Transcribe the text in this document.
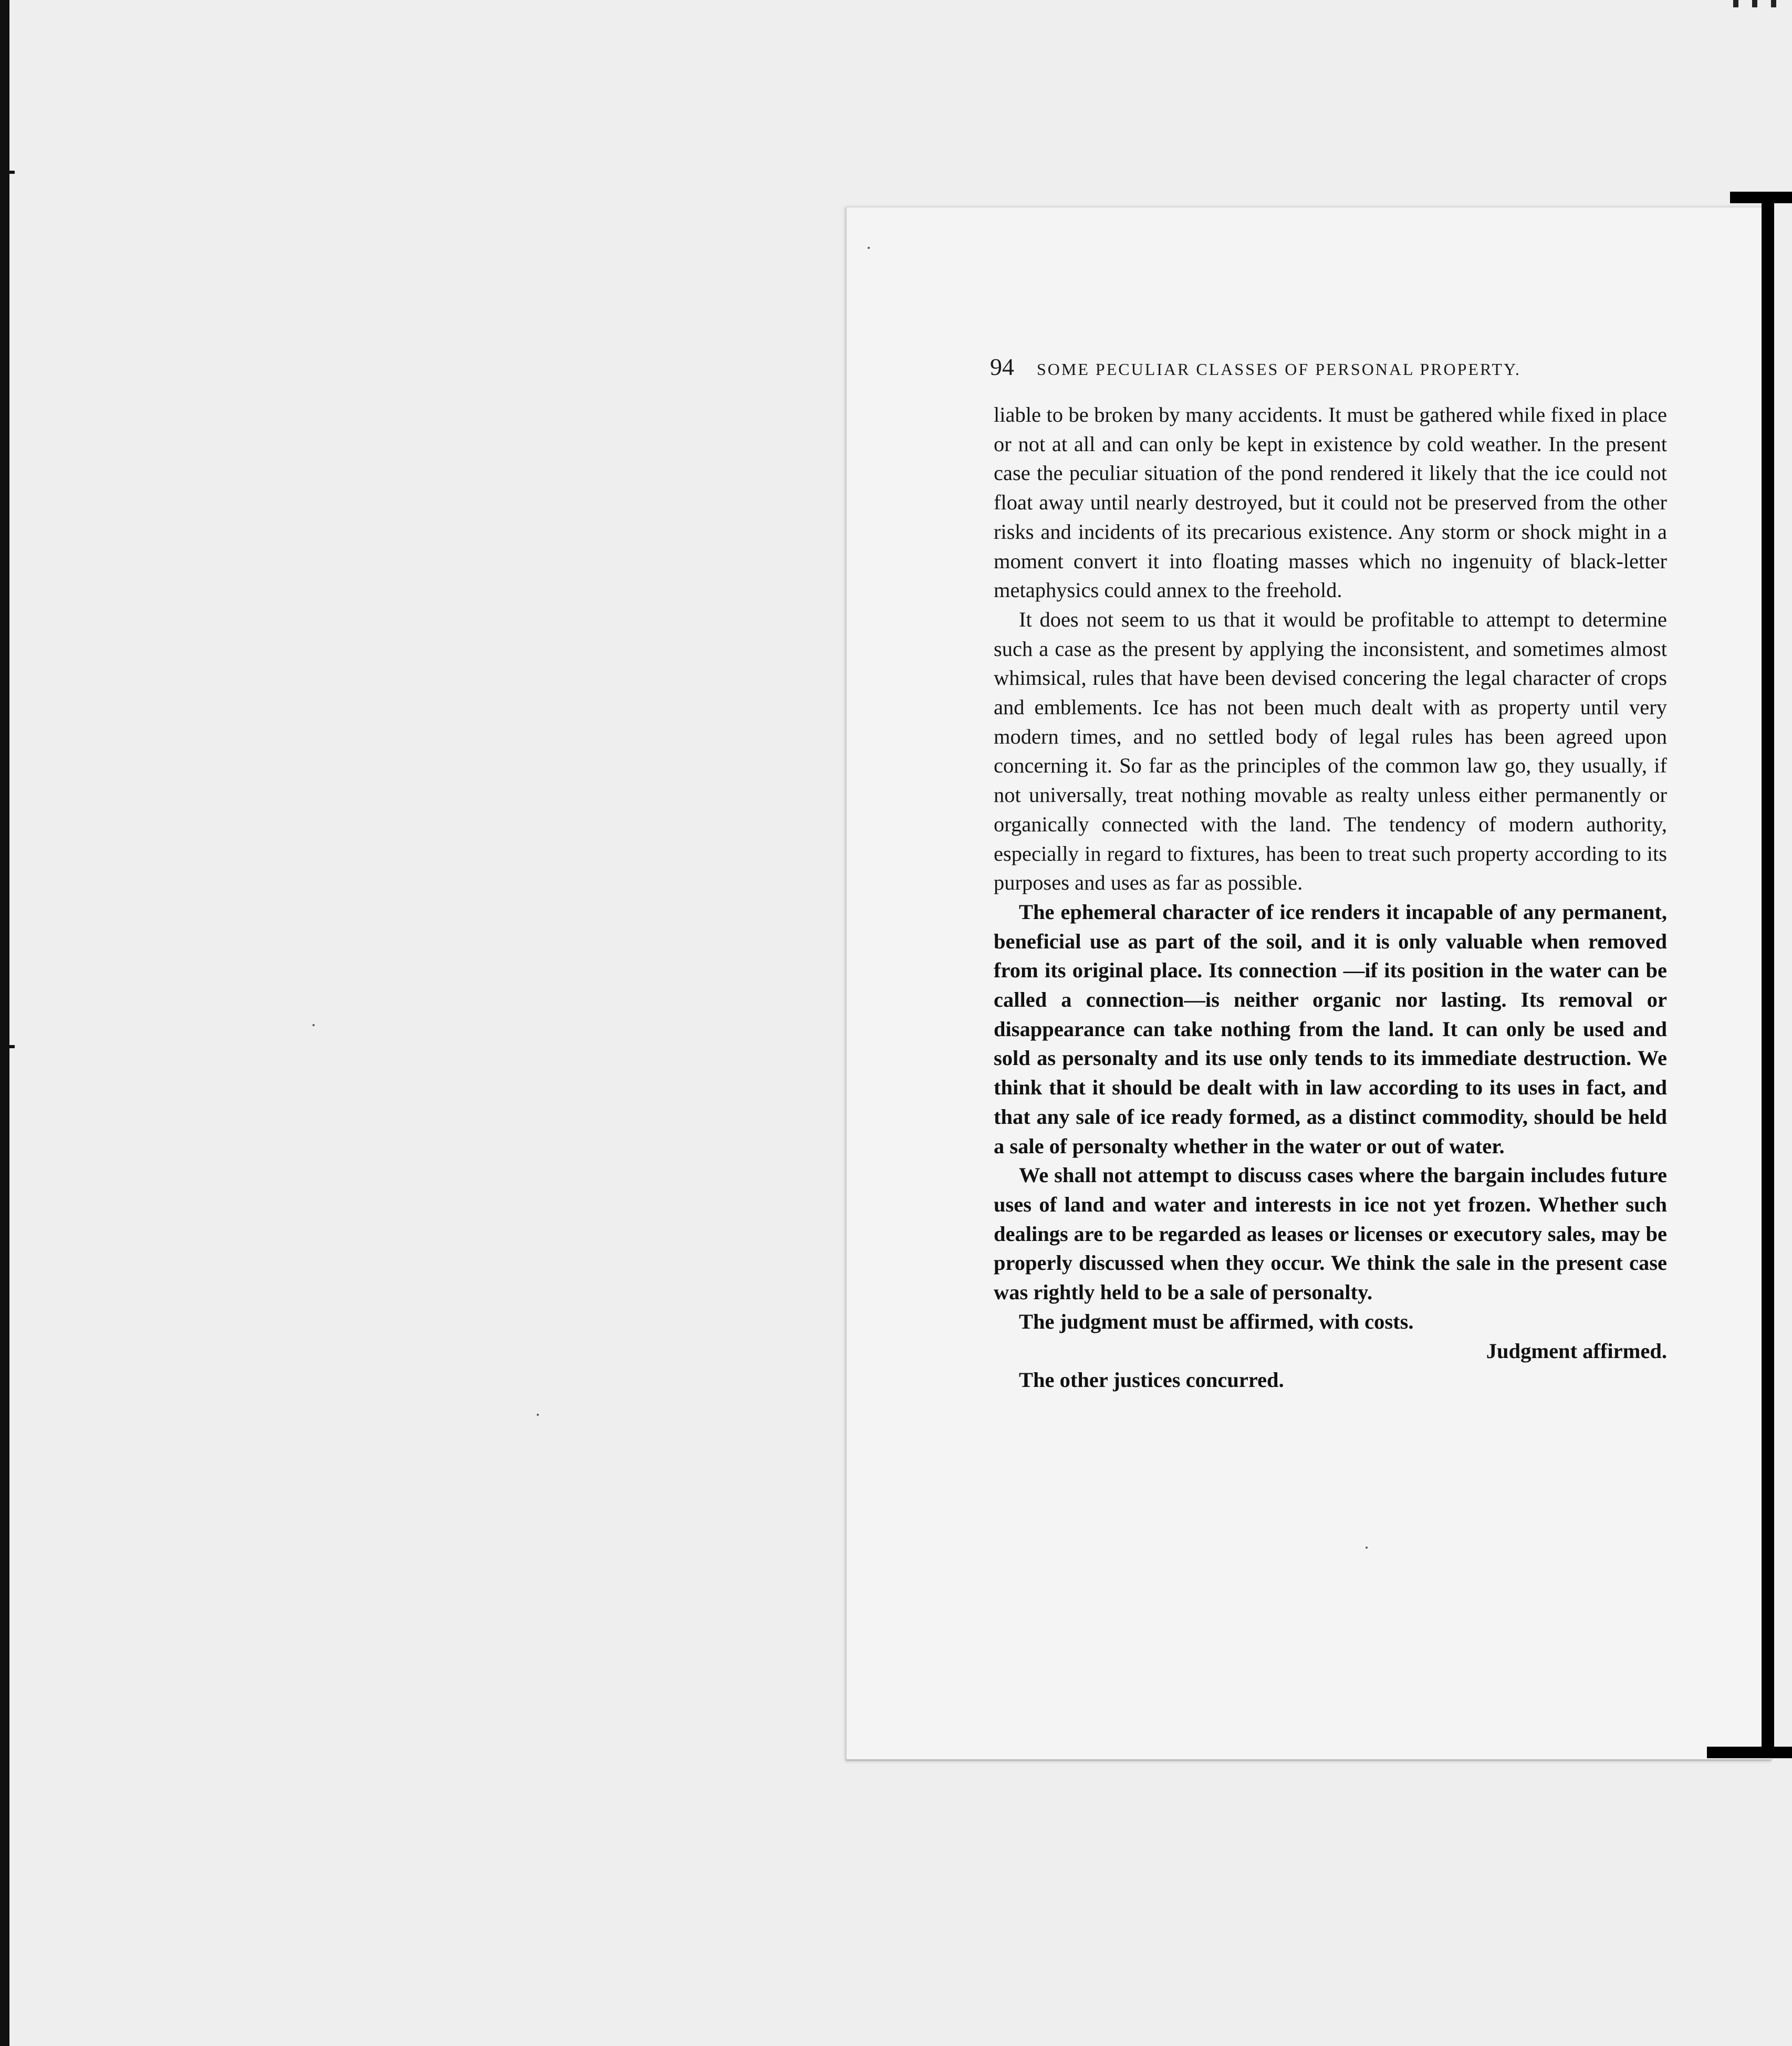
94 SOME PECULIAR CLASSES OF PERSONAL PROPERTY.

liable to be broken by many accidents. It must be gathered while fixed in place or not at all and can only be kept in existence by cold weather. In the present case the peculiar situation of the pond rendered it likely that the ice could not float away until nearly destroyed, but it could not be preserved from the other risks and incidents of its precarious existence. Any storm or shock might in a moment convert it into floating masses which no ingenuity of black-letter metaphysics could annex to the freehold.

It does not seem to us that it would be profitable to attempt to determine such a case as the present by applying the inconsistent, and sometimes almost whimsical, rules that have been devised concering the legal character of crops and emblements. Ice has not been much dealt with as property until very modern times, and no settled body of legal rules has been agreed upon concerning it. So far as the principles of the common law go, they usually, if not universally, treat nothing movable as realty unless either permanently or organically connected with the land. The tendency of modern authority, especially in regard to fixtures, has been to treat such property according to its purposes and uses as far as possible.

The ephemeral character of ice renders it incapable of any permanent, beneficial use as part of the soil, and it is only valuable when removed from its original place. Its connection —if its position in the water can be called a connection—is neither organic nor lasting. Its removal or disappearance can take nothing from the land. It can only be used and sold as personalty and its use only tends to its immediate destruction. We think that it should be dealt with in law according to its uses in fact, and that any sale of ice ready formed, as a distinct commodity, should be held a sale of personalty whether in the water or out of water.

We shall not attempt to discuss cases where the bargain includes future uses of land and water and interests in ice not yet frozen. Whether such dealings are to be regarded as leases or licenses or executory sales, may be properly discussed when they occur. We think the sale in the present case was rightly held to be a sale of personalty.

The judgment must be affirmed, with costs.

Judgment affirmed.

The other justices concurred.
